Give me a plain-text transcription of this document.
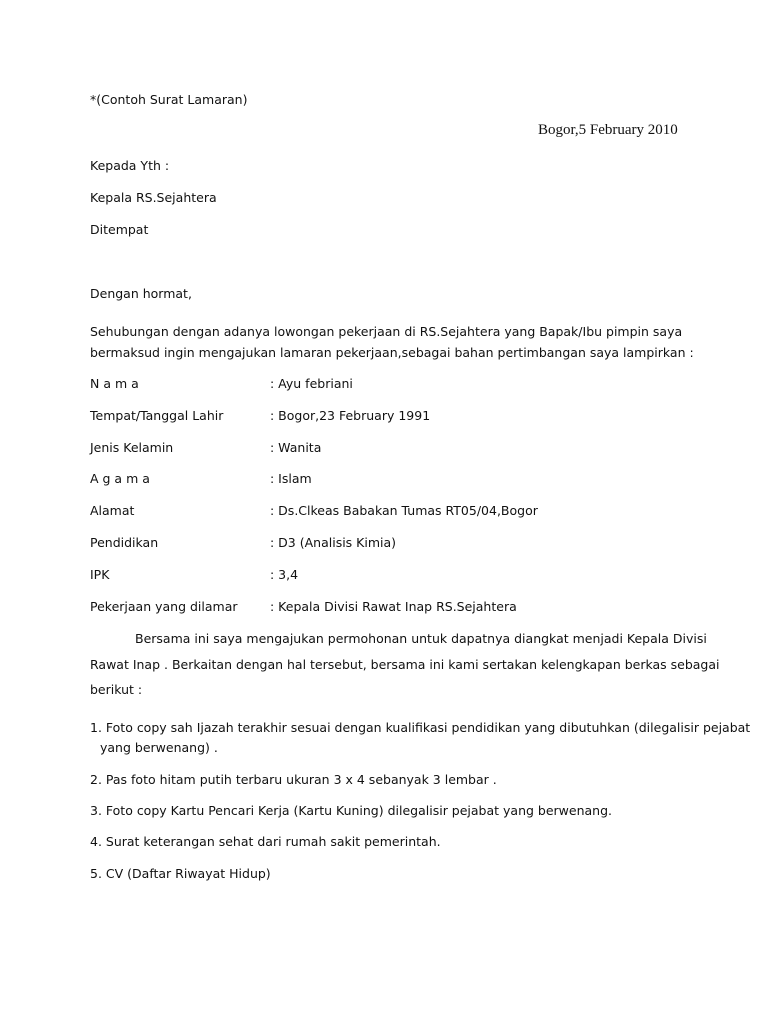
*(Contoh Surat Lamaran)
Bogor,5 February 2010
Kepada Yth :
Kepala RS.Sejahtera
Ditempat
Dengan hormat,
Sehubungan dengan adanya lowongan pekerjaan di RS.Sejahtera yang Bapak/Ibu pimpin saya
bermaksud ingin mengajukan lamaran pekerjaan,sebagai bahan pertimbangan saya lampirkan :
N a m a	: Ayu febriani
Tempat/Tanggal Lahir	: Bogor,23 February 1991
Jenis Kelamin	: Wanita
A g a m a	: Islam
Alamat	: Ds.Clkeas Babakan Tumas RT05/04,Bogor
Pendidikan	: D3 (Analisis Kimia)
IPK	: 3,4
Pekerjaan yang dilamar	: Kepala Divisi Rawat Inap RS.Sejahtera
Bersama ini saya mengajukan permohonan untuk dapatnya diangkat menjadi Kepala Divisi
Rawat Inap . Berkaitan dengan hal tersebut, bersama ini kami sertakan kelengkapan berkas sebagai
berikut :
1. Foto copy sah Ijazah terakhir sesuai dengan kualifikasi pendidikan yang dibutuhkan (dilegalisir pejabat
yang berwenang) .
2. Pas foto hitam putih terbaru ukuran 3 x 4 sebanyak 3 lembar .
3. Foto copy Kartu Pencari Kerja (Kartu Kuning) dilegalisir pejabat yang berwenang.
4. Surat keterangan sehat dari rumah sakit pemerintah.
5. CV (Daftar Riwayat Hidup)
